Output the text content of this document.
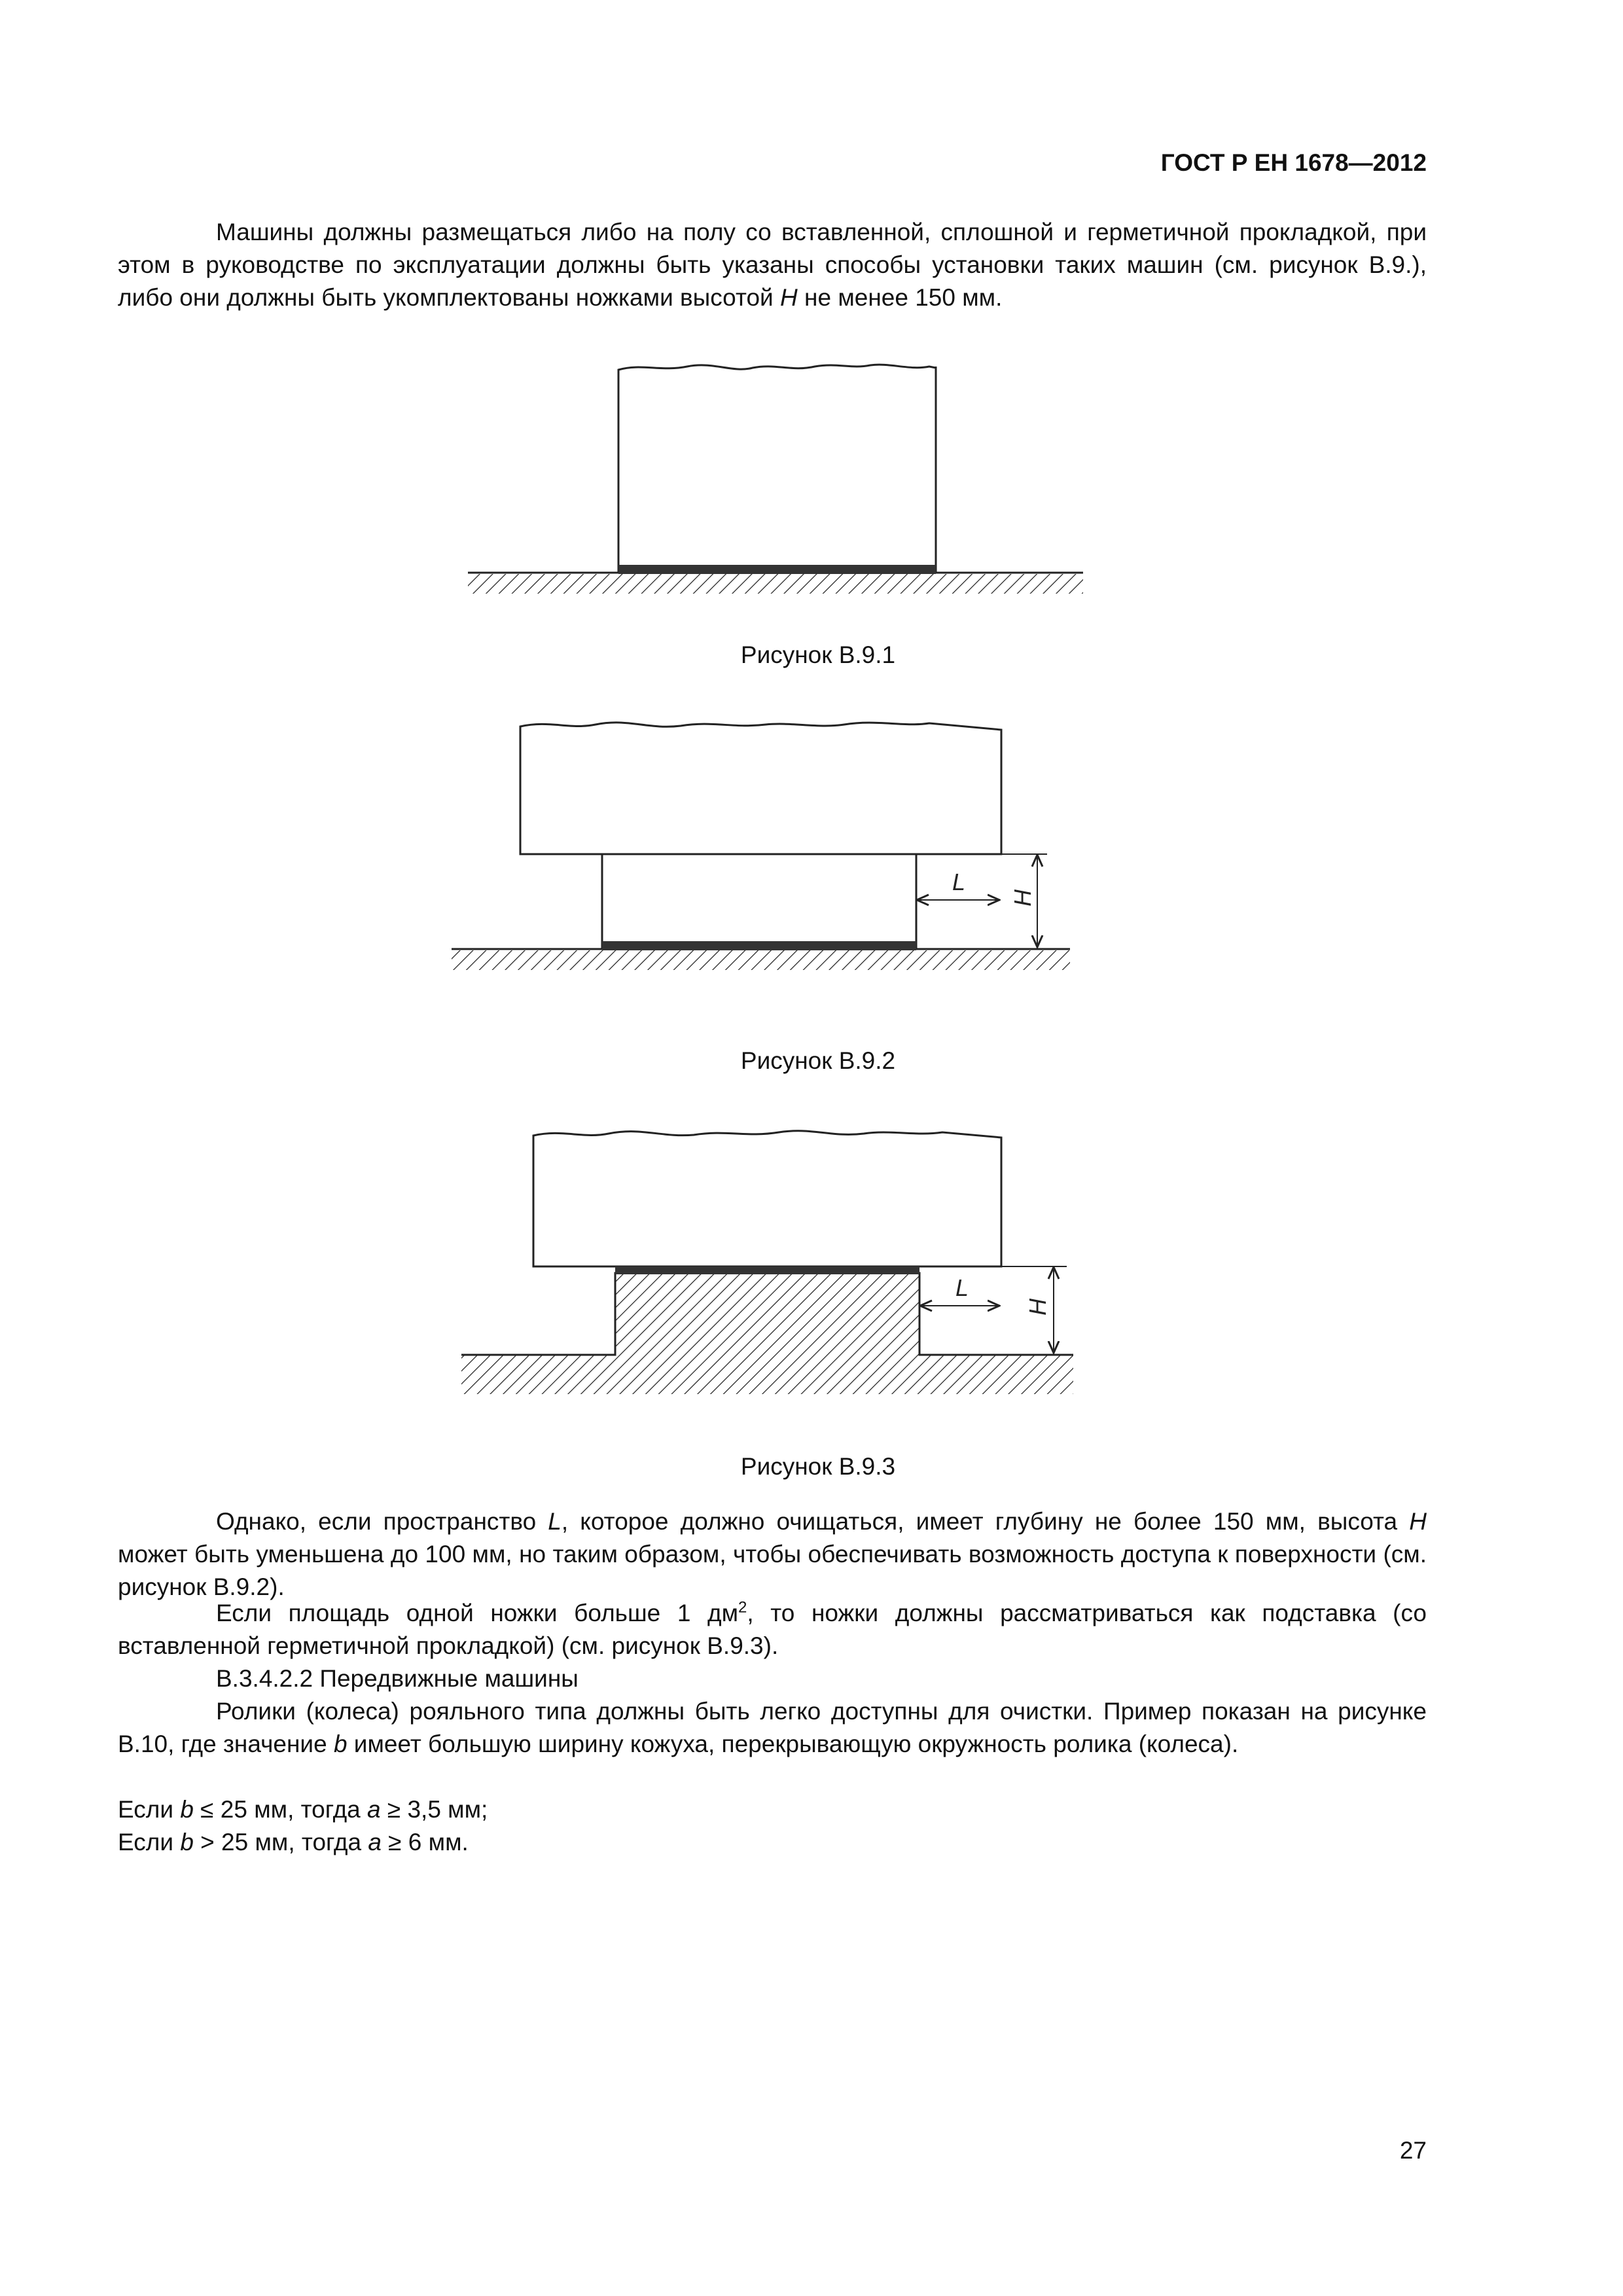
ГОСТ Р ЕН 1678—2012
Машины должны размещаться либо на полу со вставленной, сплошной и герметичной прокладкой, при этом в руководстве по эксплуатации должны быть указаны способы установки таких машин (см. рисунок В.9.), либо они должны быть укомплектованы ножками высотой H не менее 150 мм.
Рисунок В.9.1
L
H
Рисунок В.9.2
L
H
Рисунок В.9.3
Однако, если пространство L, которое должно очищаться, имеет глубину не более 150 мм, высота H может быть уменьшена до 100 мм, но таким образом, чтобы обеспечивать возможность доступа к поверхности (см. рисунок В.9.2).
Если площадь одной ножки больше 1 $дм^2$, то ножки должны рассматриваться как подставка (со вставленной герметичной прокладкой) (см. рисунок В.9.3).
В.3.4.2.2 Передвижные машины
Ролики (колеса) рояльного типа должны быть легко доступны для очистки. Пример показан на рисунке В.10, где значение b имеет большую ширину кожуха, перекрывающую окружность ролика (колеса).
Если b ≤ 25 мм, тогда a ≥ 3,5 мм;
Если b > 25 мм, тогда a ≥ 6 мм.
27
